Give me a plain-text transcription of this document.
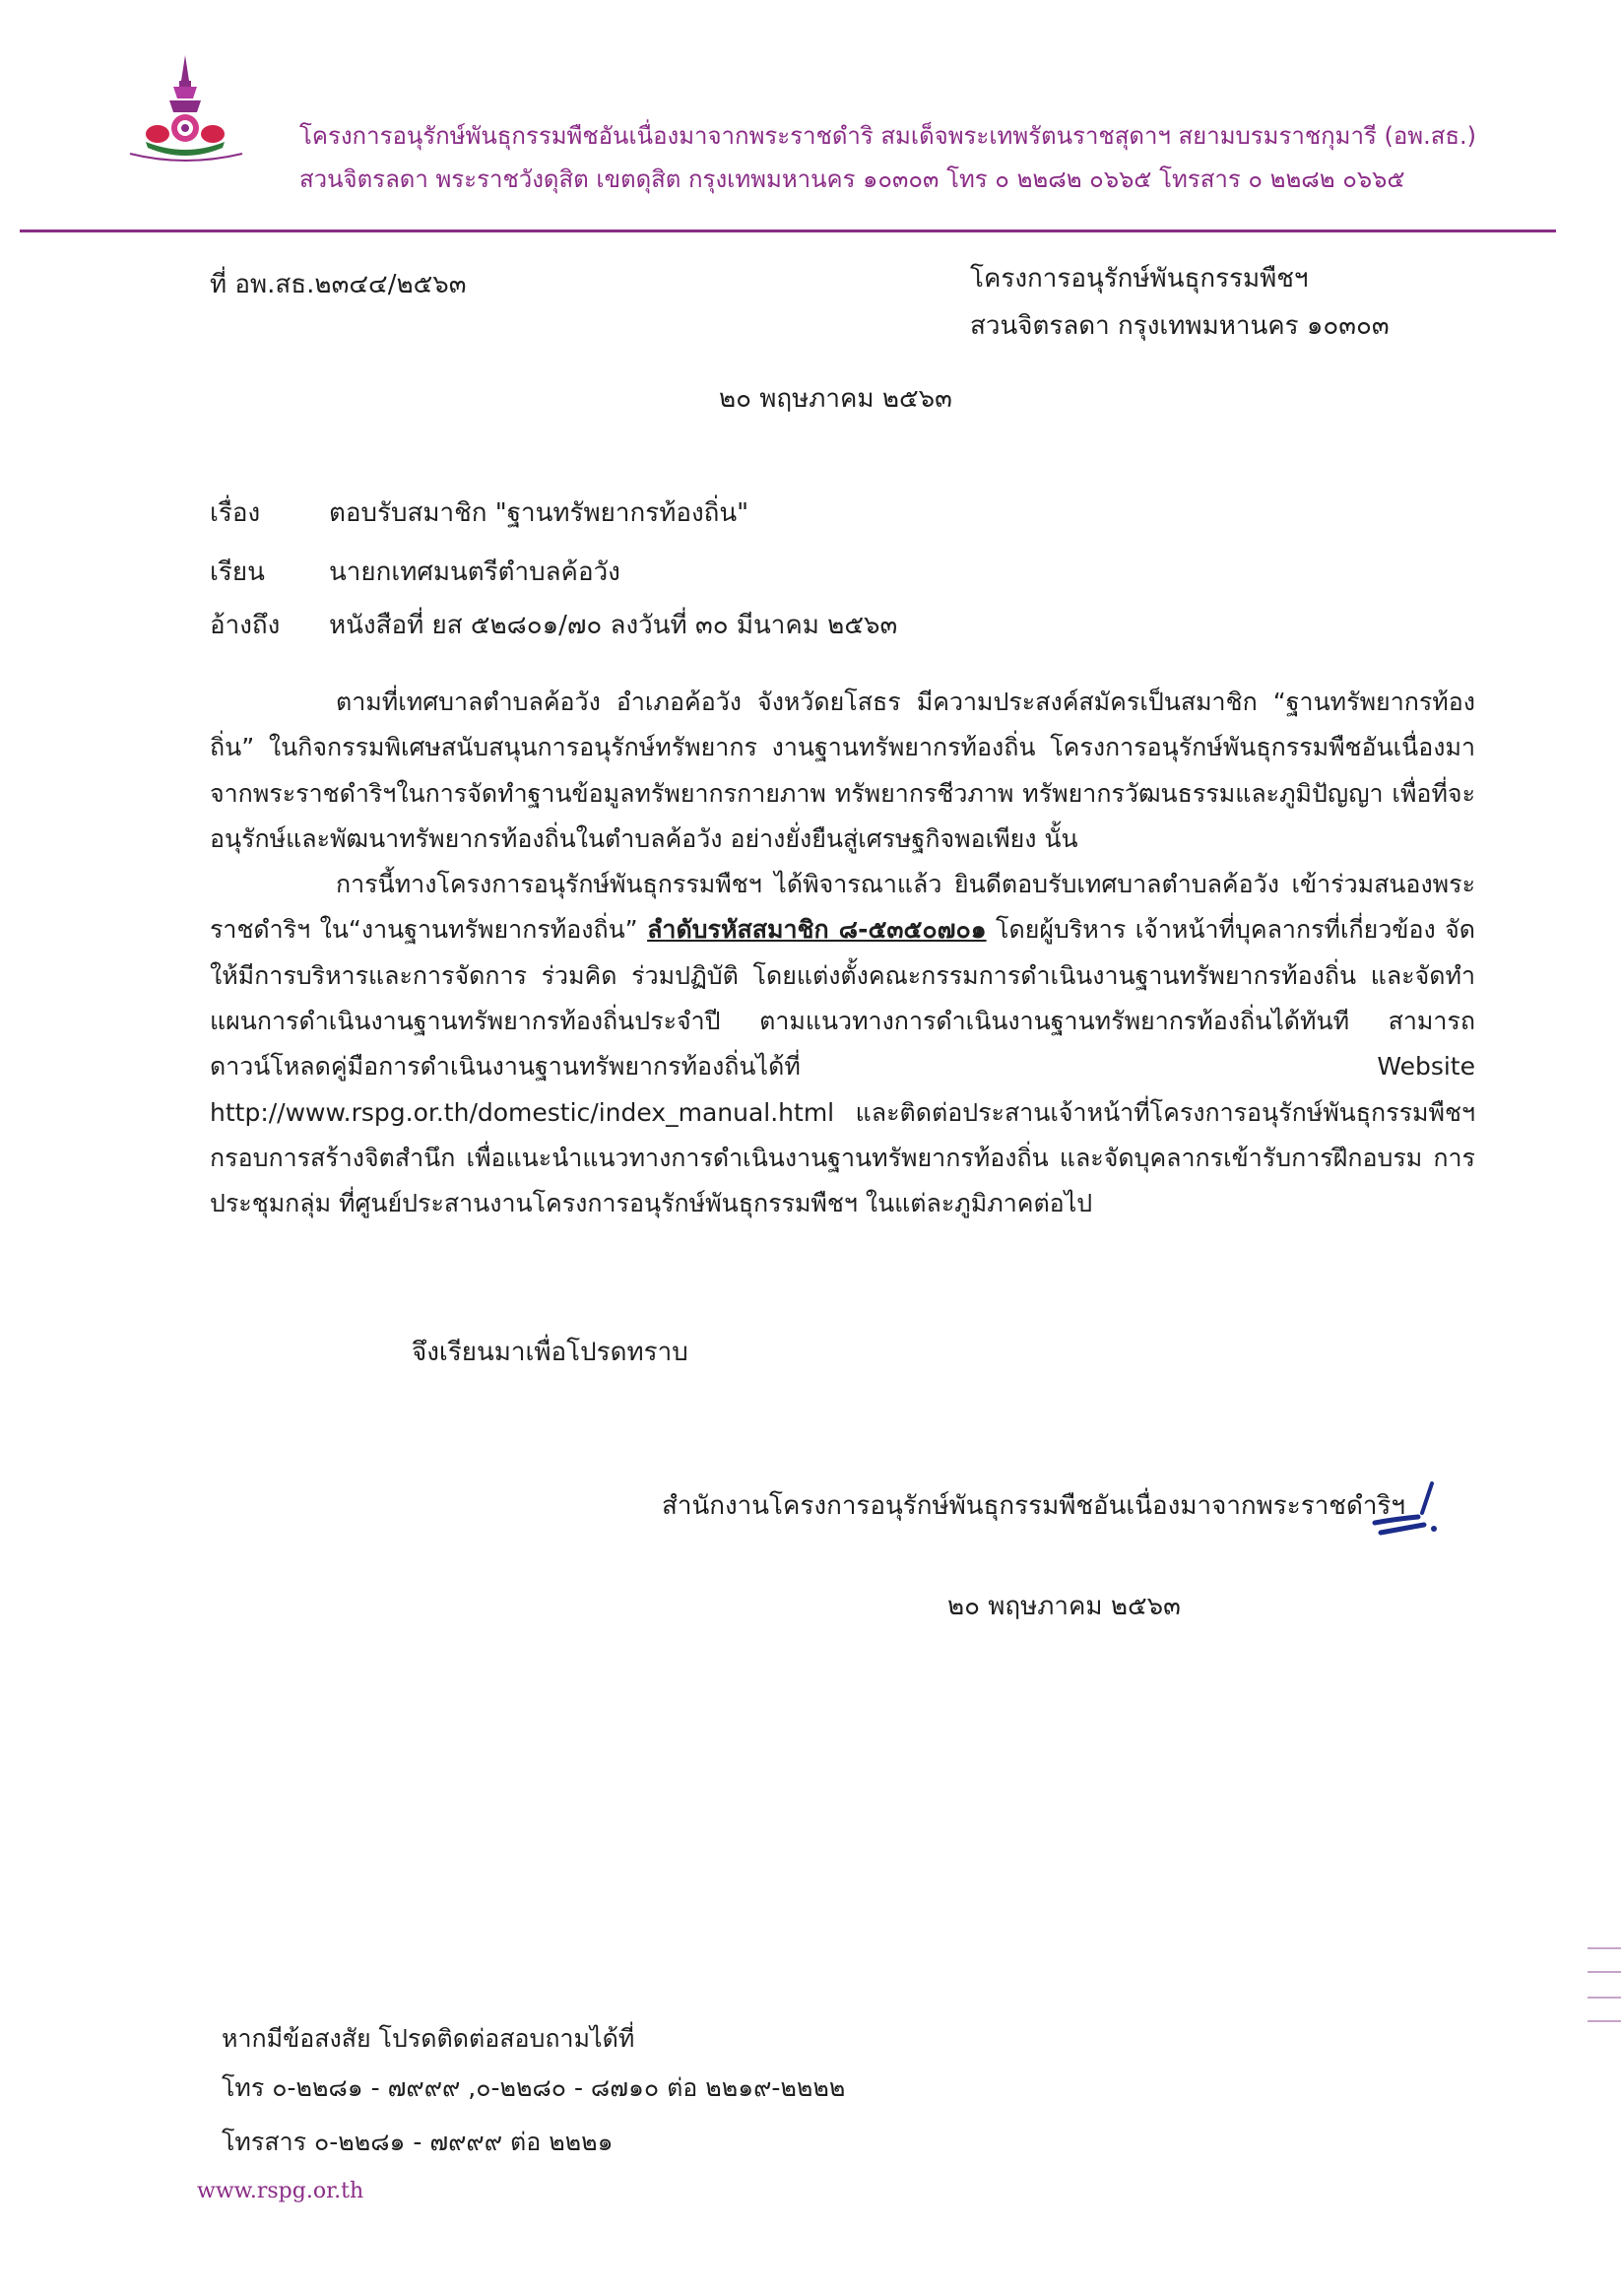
โครงการอนุรักษ์พันธุกรรมพืชอันเนื่องมาจากพระราชดำริ สมเด็จพระเทพรัตนราชสุดาฯ สยามบรมราชกุมารี (อพ.สธ.)
สวนจิตรลดา พระราชวังดุสิต เขตดุสิต กรุงเทพมหานคร ๑๐๓๐๓ โทร ๐ ๒๒๘๒ ๐๖๖๕ โทรสาร ๐ ๒๒๘๒ ๐๖๖๕
ที่ อพ.สธ.๒๓๔๔/๒๕๖๓	โครงการอนุรักษ์พันธุกรรมพืชฯ
สวนจิตรลดา กรุงเทพมหานคร ๑๐๓๐๓
๒๐ พฤษภาคม ๒๕๖๓
เรื่อง	ตอบรับสมาชิก "ฐานทรัพยากรท้องถิ่น"
เรียน	นายกเทศมนตรีตำบลค้อวัง
อ้างถึง หนังสือที่ ยส ๕๒๘๐๑/๗๐ ลงวันที่ ๓๐ มีนาคม ๒๕๖๓

ตามที่เทศบาลตำบลค้อวัง อำเภอค้อวัง จังหวัดยโสธร มีความประสงค์สมัครเป็นสมาชิก “ฐานทรัพยากรท้องถิ่น” ในกิจกรรมพิเศษสนับสนุนการอนุรักษ์ทรัพยากร งานฐานทรัพยากรท้องถิ่น โครงการอนุรักษ์พันธุกรรมพืชอันเนื่องมาจากพระราชดำริฯในการจัดทำฐานข้อมูลทรัพยากรกายภาพ ทรัพยากรชีวภาพ ทรัพยากรวัฒนธรรมและภูมิปัญญา เพื่อที่จะอนุรักษ์และพัฒนาทรัพยากรท้องถิ่นในตำบลค้อวัง อย่างยั่งยืนสู่เศรษฐกิจพอเพียง นั้น

การนี้ทางโครงการอนุรักษ์พันธุกรรมพืชฯ ได้พิจารณาแล้ว ยินดีตอบรับเทศบาลตำบลค้อวัง เข้าร่วมสนองพระราชดำริฯ ใน“งานฐานทรัพยากรท้องถิ่น” ลำดับรหัสสมาชิก ๘-๕๓๕๐๗๐๑ โดยผู้บริหาร เจ้าหน้าที่บุคลากรที่เกี่ยวข้อง จัดให้มีการบริหารและการจัดการ ร่วมคิด ร่วมปฏิบัติ โดยแต่งตั้งคณะกรรมการดำเนินงานฐานทรัพยากรท้องถิ่น และจัดทำแผนการดำเนินงานฐานทรัพยากรท้องถิ่นประจำปี ตามแนวทางการดำเนินงานฐานทรัพยากรท้องถิ่นได้ทันที สามารถดาวน์โหลดคู่มือการดำเนินงานฐานทรัพยากรท้องถิ่นได้ที่ Website http://www.rspg.or.th/domestic/index_manual.html และติดต่อประสานเจ้าหน้าที่โครงการอนุรักษ์พันธุกรรมพืชฯ กรอบการสร้างจิตสำนึก เพื่อแนะนำแนวทางการดำเนินงานฐานทรัพยากรท้องถิ่น และจัดบุคลากรเข้ารับการฝึกอบรม การประชุมกลุ่ม ที่ศูนย์ประสานงานโครงการอนุรักษ์พันธุกรรมพืชฯ ในแต่ละภูมิภาคต่อไป

จึงเรียนมาเพื่อโปรดทราบ
สำนักงานโครงการอนุรักษ์พันธุกรรมพืชอันเนื่องมาจากพระราชดำริฯ
๒๐ พฤษภาคม ๒๕๖๓
หากมีข้อสงสัย โปรดติดต่อสอบถามได้ที่
โทร ๐-๒๒๘๑ - ๗๙๙๙ ,๐-๒๒๘๐ - ๘๗๑๐ ต่อ ๒๒๑๙-๒๒๒๒
โทรสาร ๐-๒๒๘๑ - ๗๙๙๙ ต่อ ๒๒๒๑
www.rspg.or.th
